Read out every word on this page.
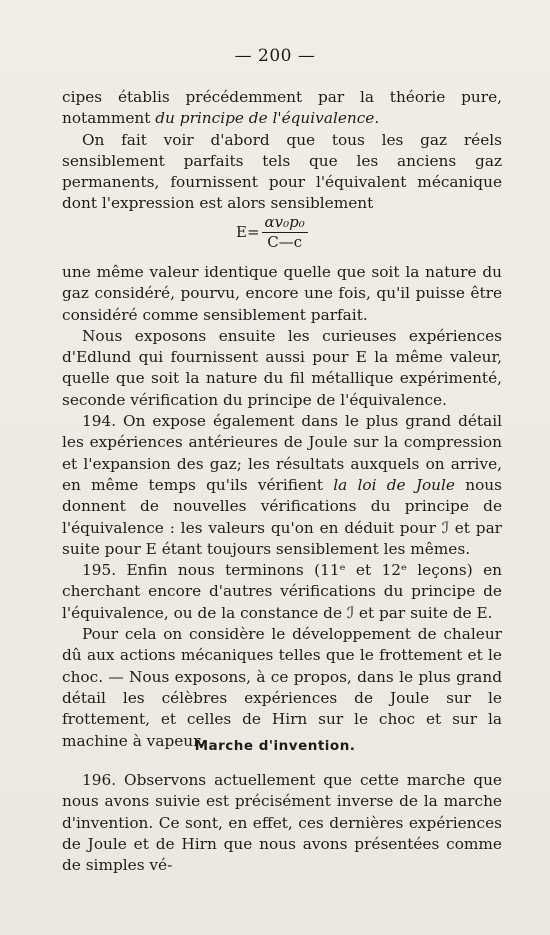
— 200 —

cipes établis précédemment par la théorie pure, notamment du principe de l'équivalence.

On fait voir d'abord que tous les gaz réels sensiblement parfaits tels que les anciens gaz permanents, fournissent pour l'équivalent mécanique dont l'expression est alors sensiblement

$E= \frac{\text{αv₀p₀}}{C—c}$

une même valeur identique quelle que soit la nature du gaz considéré, pourvu, encore une fois, qu'il puisse être considéré comme sensiblement parfait.

Nous exposons ensuite les curieuses expériences d'Edlund qui fournissent aussi pour E la même valeur, quelle que soit la nature du fil métallique expérimenté, seconde vérification du principe de l'équivalence.

194. On expose également dans le plus grand détail les expériences antérieures de Joule sur la compression et l'expansion des gaz; les résultats auxquels on arrive, en même temps qu'ils vérifient la loi de Joule nous donnent de nouvelles vérifications du principe de l'équivalence : les valeurs qu'on en déduit pour ℐ et par suite pour E étant toujours sensiblement les mêmes.

195. Enfin nous terminons (11ᵉ et 12ᵉ leçons) en cherchant encore d'autres vérifications du principe de l'équivalence, ou de la constance de ℐ et par suite de E.

Pour cela on considère le développement de chaleur dû aux actions mécaniques telles que le frottement et le choc. — Nous exposons, à ce propos, dans le plus grand détail les célèbres expériences de Joule sur le frottement, et celles de Hirn sur le choc et sur la machine à vapeur.

Marche d'invention.

196. Observons actuellement que cette marche que nous avons suivie est précisément inverse de la marche d'invention. Ce sont, en effet, ces dernières expériences de Joule et de Hirn que nous avons présentées comme de simples vé-
